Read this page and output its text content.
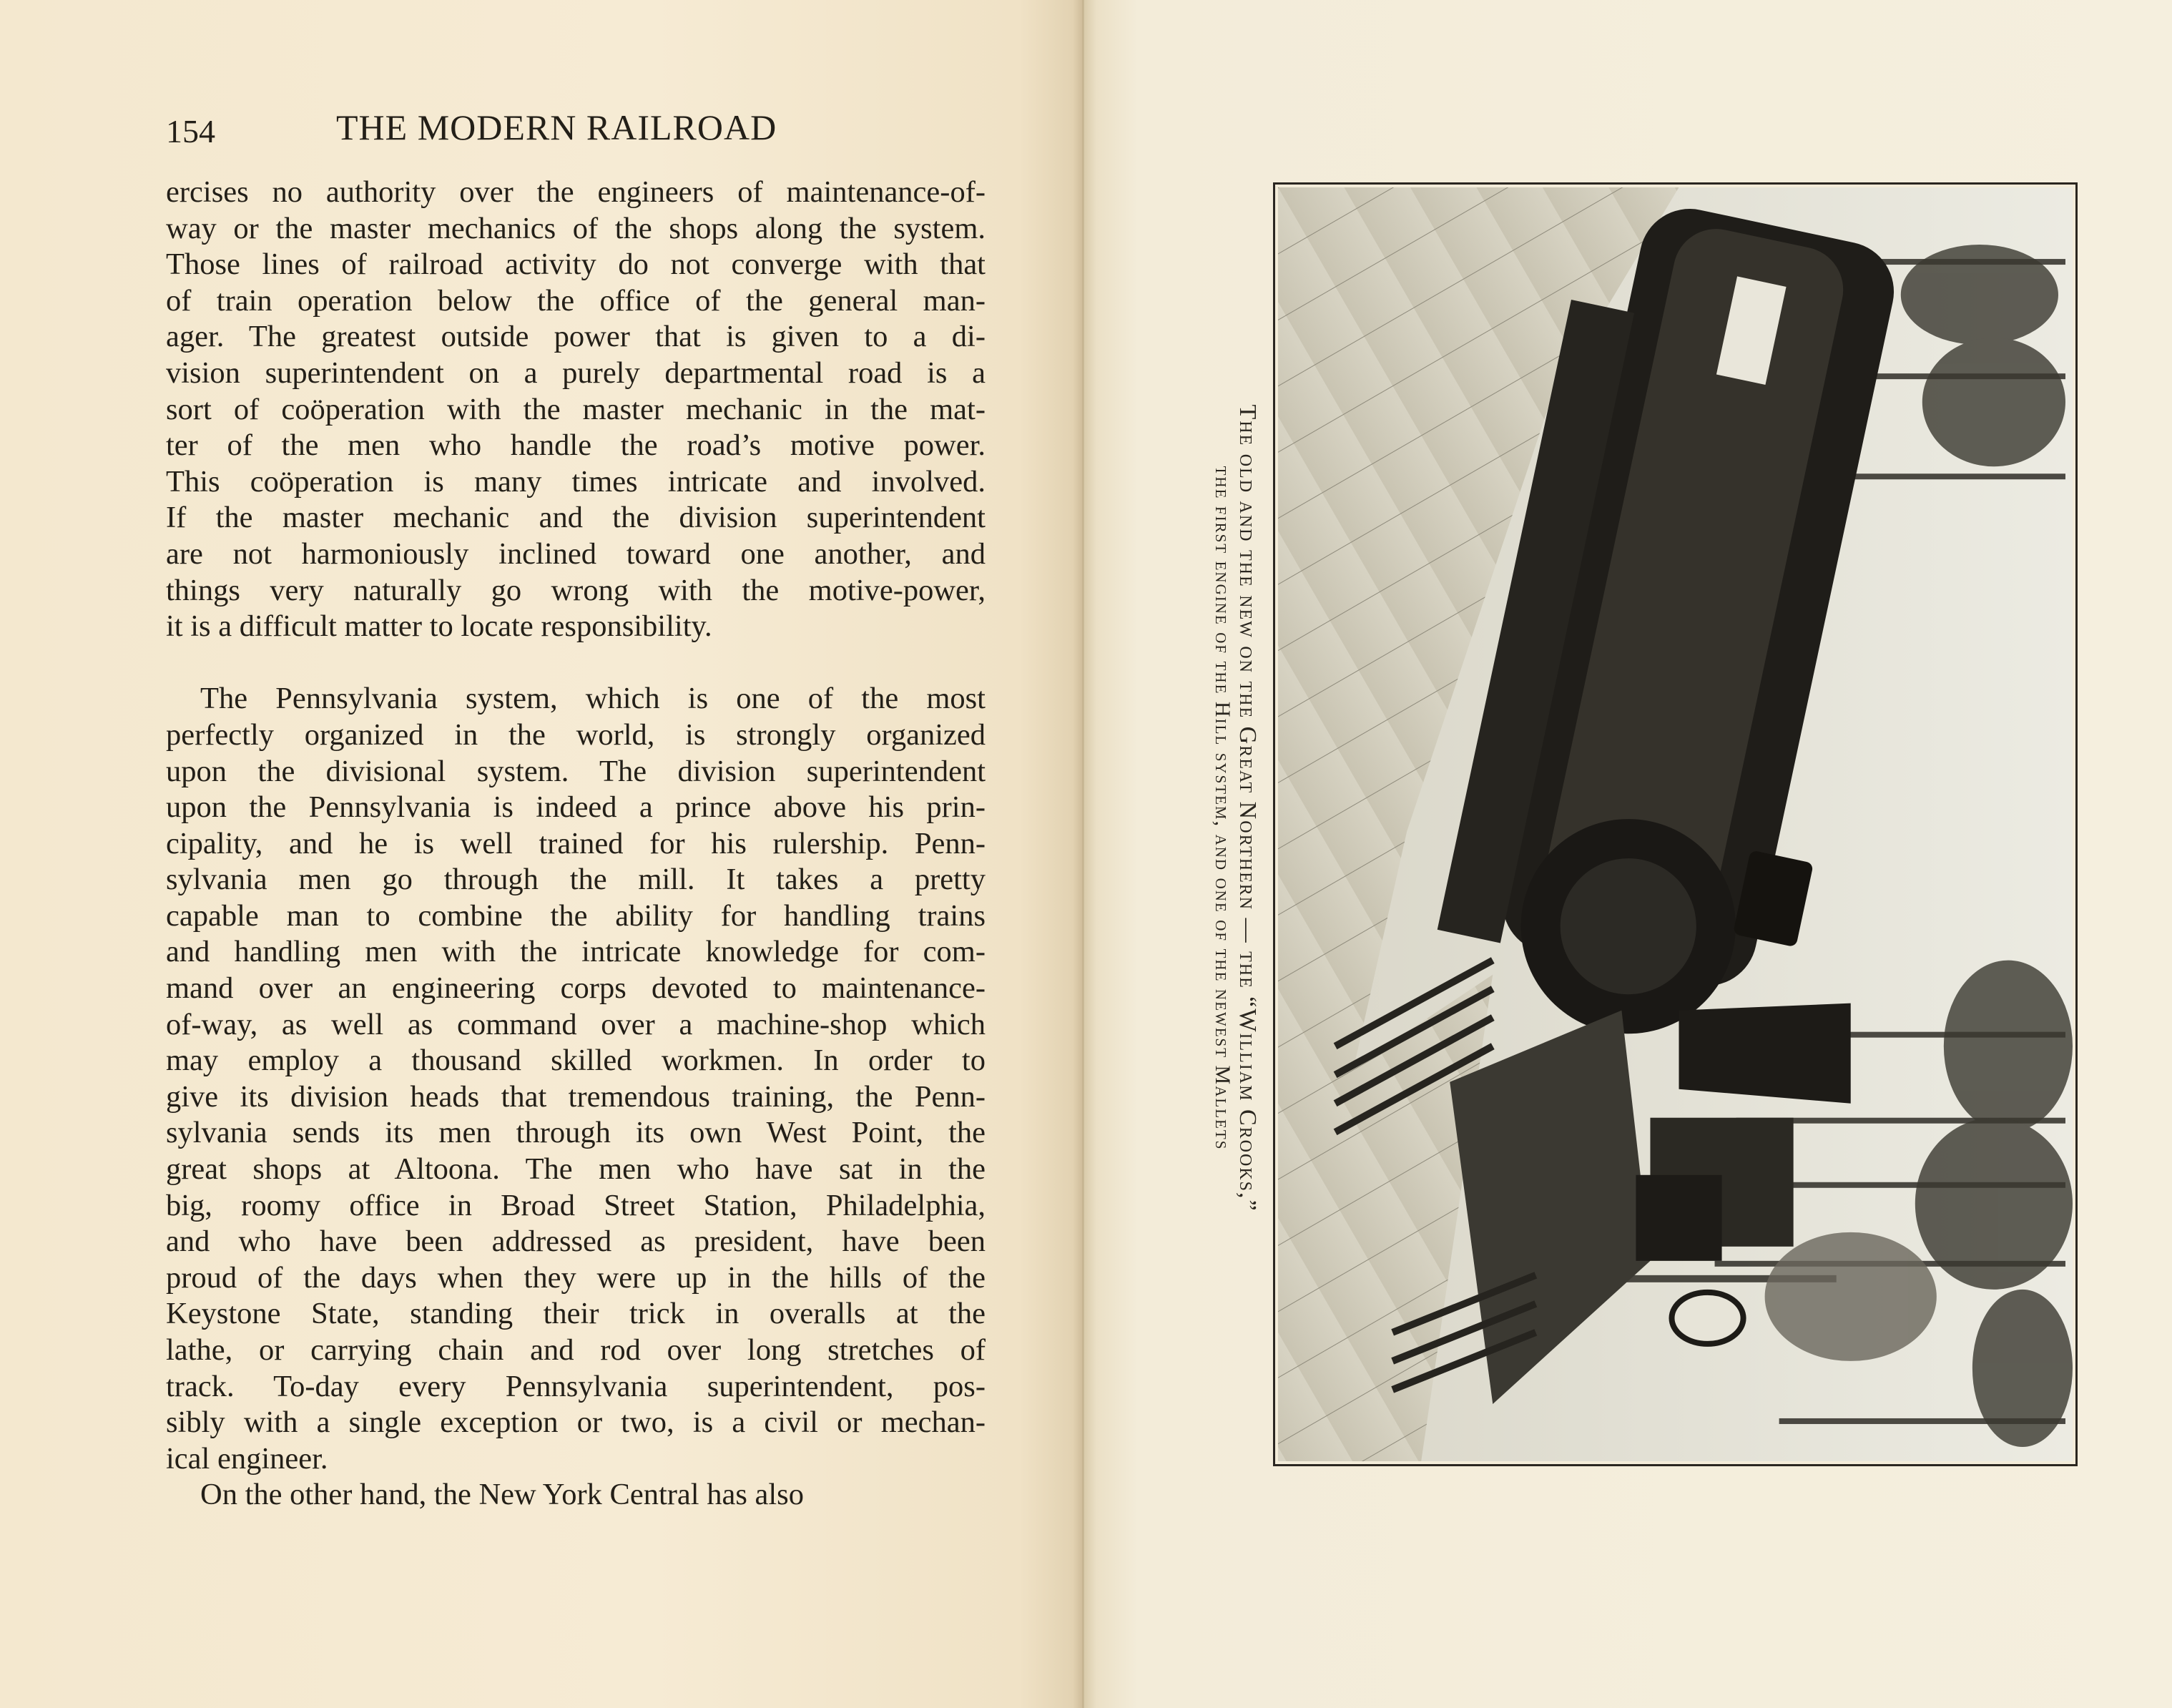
154	THE MODERN RAILROAD
ercises no authority over the engineers of maintenance-of-
way or the master mechanics of the shops along the system.
Those lines of railroad activity do not converge with that
of train operation below the office of the general man-
ager. The greatest outside power that is given to a di-
vision superintendent on a purely departmental road is a
sort of coöperation with the master mechanic in the mat-
ter of the men who handle the road’s motive power.
This coöperation is many times intricate and involved.
If the master mechanic and the division superintendent
are not harmoniously inclined toward one another, and
things very naturally go wrong with the motive-power,
it is a difficult matter to locate responsibility.
The Pennsylvania system, which is one of the most
perfectly organized in the world, is strongly organized
upon the divisional system. The division superintendent
upon the Pennsylvania is indeed a prince above his prin-
cipality, and he is well trained for his rulership. Penn-
sylvania men go through the mill. It takes a pretty
capable man to combine the ability for handling trains
and handling men with the intricate knowledge for com-
mand over an engineering corps devoted to maintenance-
of-way, as well as command over a machine-shop which
may employ a thousand skilled workmen. In order to
give its division heads that tremendous training, the Penn-
sylvania sends its men through its own West Point, the
great shops at Altoona. The men who have sat in the
big, roomy office in Broad Street Station, Philadelphia,
and who have been addressed as president, have been
proud of the days when they were up in the hills of the
Keystone State, standing their trick in overalls at the
lathe, or carrying chain and rod over long stretches of
track. To-day every Pennsylvania superintendent, pos-
sibly with a single exception or two, is a civil or mechan-
ical engineer.
On the other hand, the New York Central has also
The old and the new on the Great Northern — the “William Crooks,”
the first engine of the Hill system, and one of the newest Mallets
